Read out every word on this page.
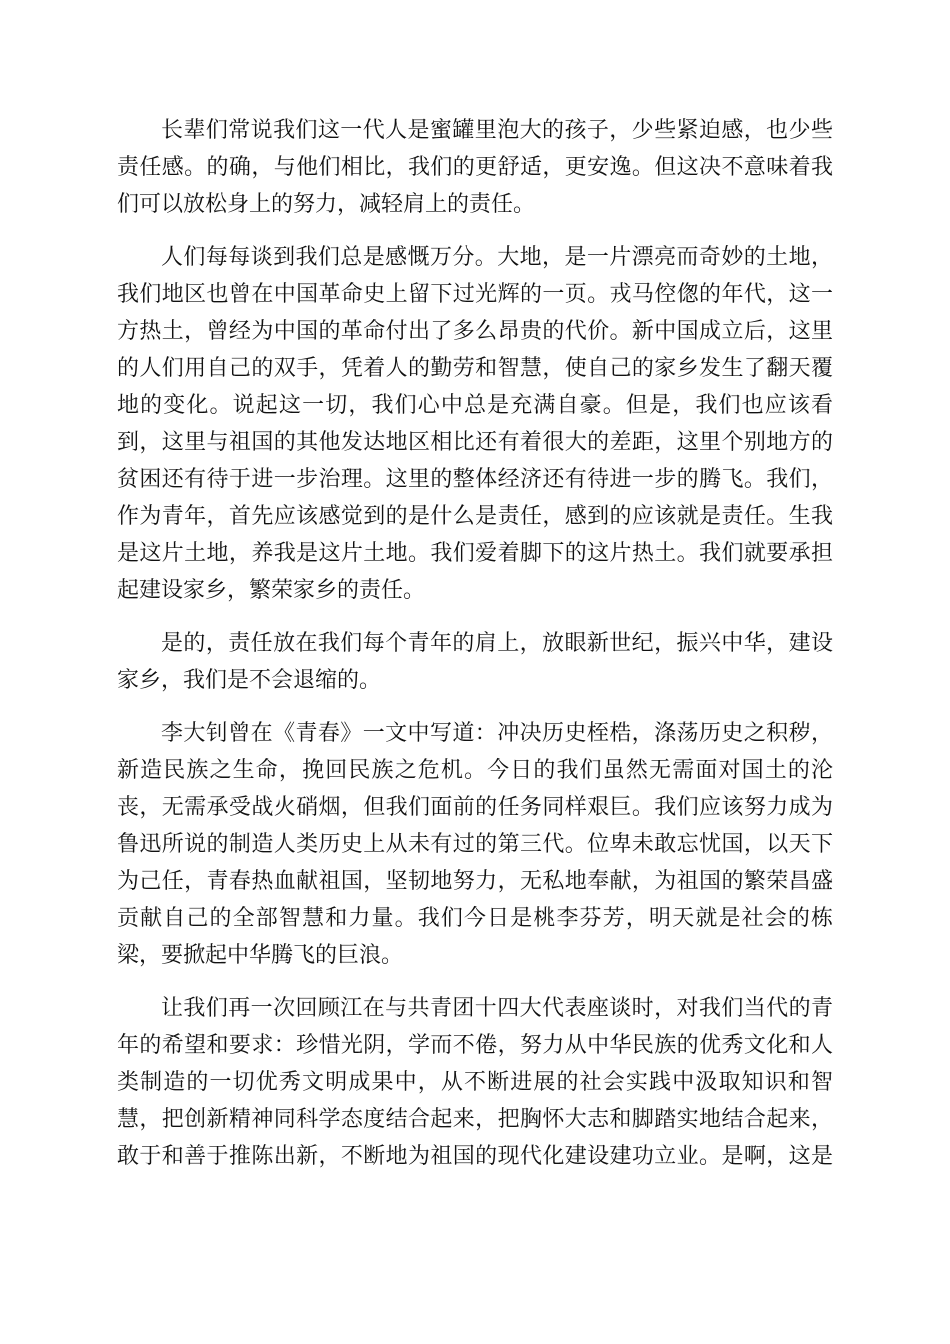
长辈们常说我们这一代人是蜜罐里泡大的孩子，少些紧迫感，也少些
责任感。的确，与他们相比，我们的更舒适，更安逸。但这决不意味着我
们可以放松身上的努力，减轻肩上的责任。
人们每每谈到我们总是感慨万分。大地，是一片漂亮而奇妙的土地，
我们地区也曾在中国革命史上留下过光辉的一页。戎马倥偬的年代，这一
方热土，曾经为中国的革命付出了多么昂贵的代价。新中国成立后，这里
的人们用自己的双手，凭着人的勤劳和智慧，使自己的家乡发生了翻天覆
地的变化。说起这一切，我们心中总是充满自豪。但是，我们也应该看
到，这里与祖国的其他发达地区相比还有着很大的差距，这里个别地方的
贫困还有待于进一步治理。这里的整体经济还有待进一步的腾飞。我们，
作为青年，首先应该感觉到的是什么是责任，感到的应该就是责任。生我
是这片土地，养我是这片土地。我们爱着脚下的这片热土。我们就要承担
起建设家乡，繁荣家乡的责任。
是的，责任放在我们每个青年的肩上，放眼新世纪，振兴中华，建设
家乡，我们是不会退缩的。
李大钊曾在《青春》一文中写道：冲决历史桎梏，涤荡历史之积秽，
新造民族之生命，挽回民族之危机。今日的我们虽然无需面对国土的沦
丧，无需承受战火硝烟，但我们面前的任务同样艰巨。我们应该努力成为
鲁迅所说的制造人类历史上从未有过的第三代。位卑未敢忘忧国，以天下
为己任，青春热血献祖国，坚韧地努力，无私地奉献，为祖国的繁荣昌盛
贡献自己的全部智慧和力量。我们今日是桃李芬芳，明天就是社会的栋
梁，要掀起中华腾飞的巨浪。
让我们再一次回顾江在与共青团十四大代表座谈时，对我们当代的青
年的希望和要求：珍惜光阴，学而不倦，努力从中华民族的优秀文化和人
类制造的一切优秀文明成果中，从不断进展的社会实践中汲取知识和智
慧，把创新精神同科学态度结合起来，把胸怀大志和脚踏实地结合起来，
敢于和善于推陈出新，不断地为祖国的现代化建设建功立业。是啊，这是
